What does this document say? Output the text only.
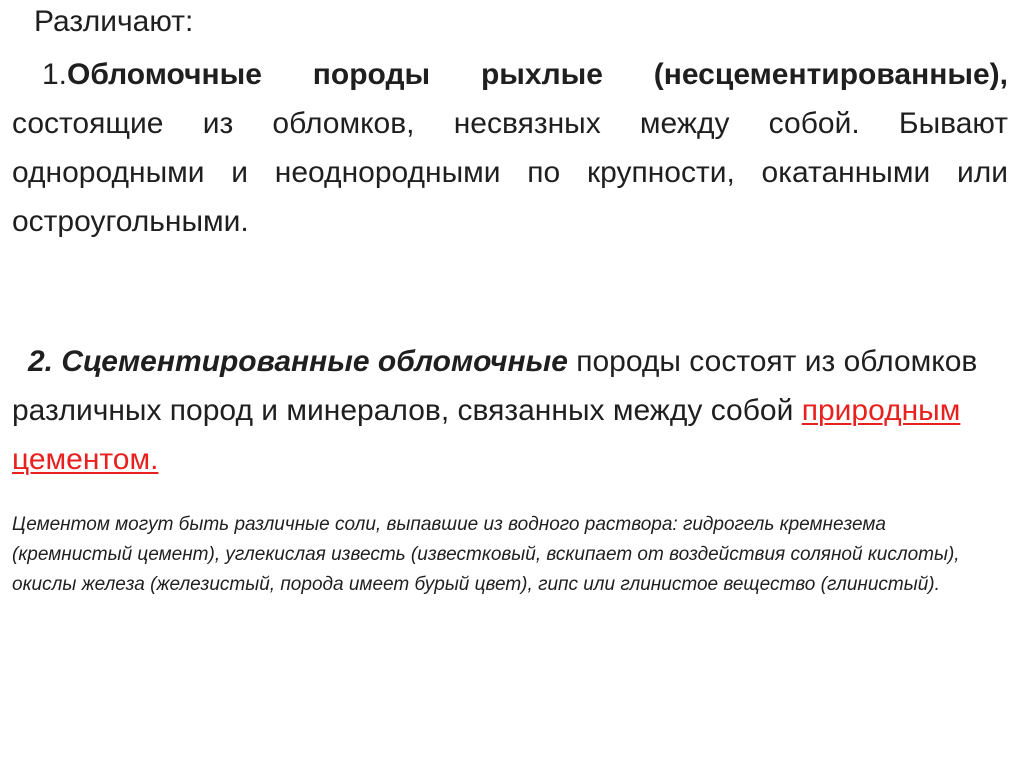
Различают:

1.Обломочные породы рыхлые (несцементированные), состоящие из обломков, несвязных между собой. Бывают однородными и неоднородными по крупности, окатанными или остроугольными.

2. Сцементированные обломочные породы состоят из обломков различных пород и минералов, связанных между собой природным цементом.

Цементом могут быть различные соли, выпавшие из водного раствора: гидрогель кремнезема (кремнистый цемент), углекислая известь (известковый, вскипает от воздействия соляной кислоты), окислы железа (железистый, порода имеет бурый цвет), гипс или глинистое вещество (глинистый).
